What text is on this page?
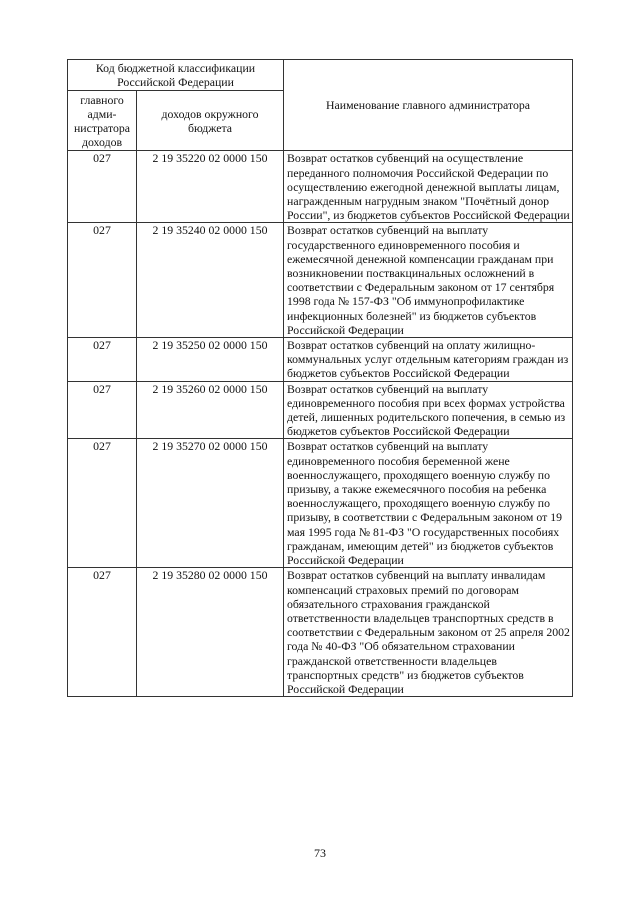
Код бюджетной классификации Российской Федерации		Наименование главного администратора
главного адми-нистратора доходов	доходов окружного бюджета	
027	2 19 35220 02 0000 150	Возврат остатков субвенций на осуществление переданного полномочия Российской Федерации по осуществлению ежегодной денежной выплаты лицам, награжденным нагрудным знаком "Почётный донор России", из бюджетов субъектов Российской Федерации
027	2 19 35240 02 0000 150	Возврат остатков субвенций на выплату государственного единовременного пособия и ежемесячной денежной компенсации гражданам при возникновении поствакцинальных осложнений в соответствии с Федеральным законом от 17 сентября 1998 года № 157-ФЗ "Об иммунопрофилактике инфекционных болезней" из бюджетов субъектов Российской Федерации
027	2 19 35250 02 0000 150	Возврат остатков субвенций на оплату жилищно-коммунальных услуг отдельным категориям граждан из бюджетов субъектов Российской Федерации
027	2 19 35260 02 0000 150	Возврат остатков субвенций на выплату единовременного пособия при всех формах устройства детей, лишенных родительского попечения, в семью из бюджетов субъектов Российской Федерации
027	2 19 35270 02 0000 150	Возврат остатков субвенций на выплату единовременного пособия беременной жене военнослужащего, проходящего военную службу по призыву, а также ежемесячного пособия на ребенка военнослужащего, проходящего военную службу по призыву, в соответствии с Федеральным законом от 19 мая 1995 года № 81-ФЗ "О государственных пособиях гражданам, имеющим детей" из бюджетов субъектов Российской Федерации
027	2 19 35280 02 0000 150	Возврат остатков субвенций на выплату инвалидам компенсаций страховых премий по договорам обязательного страхования гражданской ответственности владельцев транспортных средств в соответствии с Федеральным законом от 25 апреля 2002 года № 40-ФЗ "Об обязательном страховании гражданской ответственности владельцев транспортных средств" из бюджетов субъектов Российской Федерации
73
